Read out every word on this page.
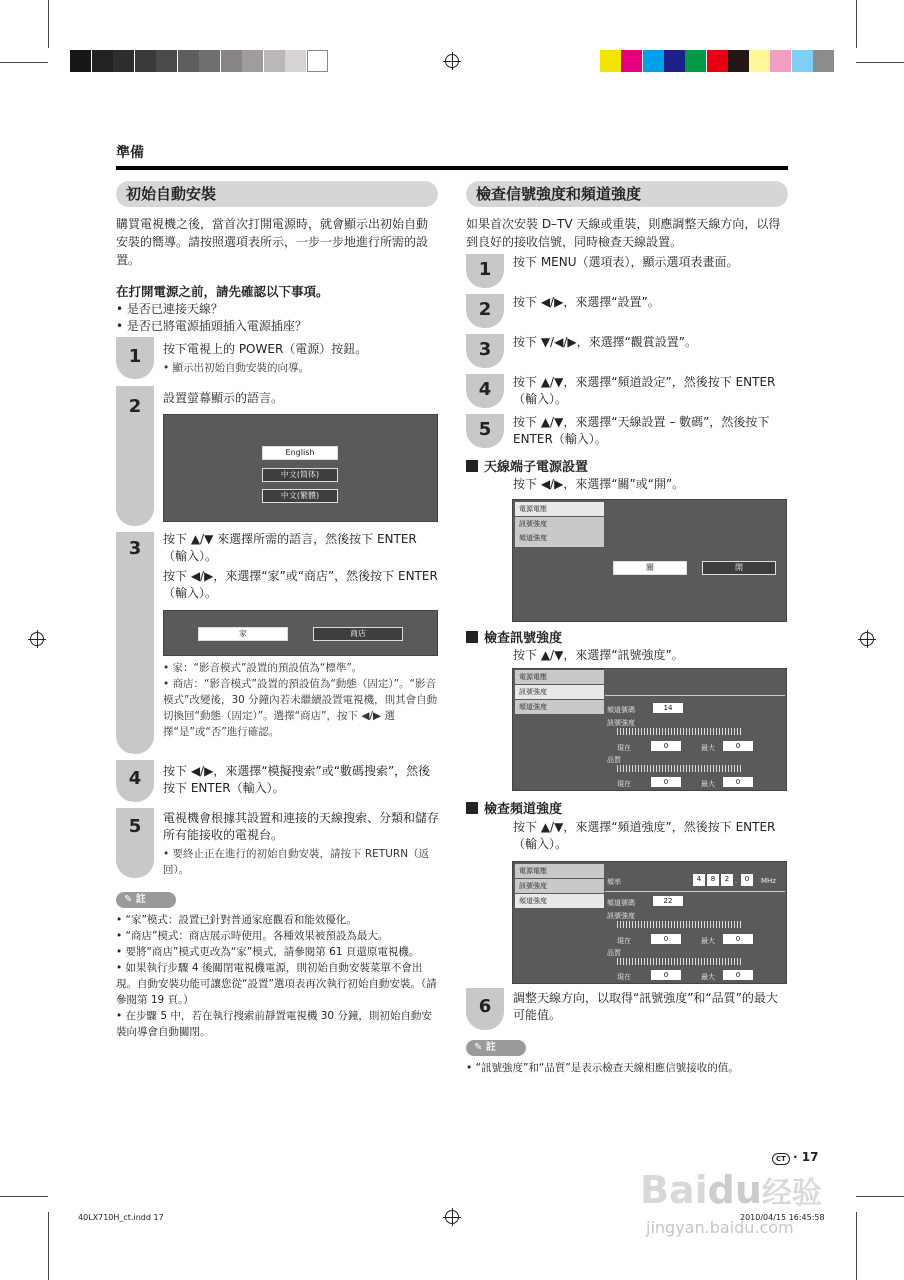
準備
初始自動安裝
購買電視機之後，當首次打開電源時，就會顯示出初始自動安裝的嚮導。請按照選項表所示，一步一步地進行所需的設置。
在打開電源之前，請先確認以下事項。
• 是否已連接天線？
• 是否已將電源插頭插入電源插座？
1	按下電視上的 POWER（電源）按鈕。
• 顯示出初始自動安裝的向導。
2	設置螢幕顯示的語言。
English
中文(简体)
中文(繁體)
3	按下 ▲/▼ 來選擇所需的語言，然後按下 ENTER（輸入）。
按下 ◀/▶，來選擇“家”或“商店”，然後按下 ENTER（輸入）。
家	商店
• 家：“影音模式”設置的預設值為“標準”。
• 商店：“影音模式”設置的預設值為“動態（固定）”。“影音模式”改變後，30 分鐘內若未繼續設置電視機，則其會自動切換回“動態（固定）”。選擇“商店”，按下 ◀/▶ 選擇“是”或“否”進行確認。
4	按下 ◀/▶，來選擇“模擬搜索”或“數碼搜索”，然後按下 ENTER（輸入）。
5	電視機會根據其設置和連接的天線搜索、分類和儲存所有能接收的電視台。
• 要終止正在進行的初始自動安裝，請按下 RETURN（返回）。
✎ 註
• “家”模式：設置已針對普通家庭觀看和能效優化。
• “商店”模式：商店展示時使用。各種效果被預設為最大。
• 要將“商店”模式更改為“家”模式，請參閱第 61 頁還原電視機。
• 如果執行步驟 4 後關閉電視機電源，則初始自動安裝菜單不會出現。自動安裝功能可讓您從“設置”選項表再次執行初始自動安裝。（請參閱第 19 頁。）
• 在步驟 5 中，若在執行搜索前靜置電視機 30 分鐘，則初始自動安裝向導會自動關閉。
檢查信號強度和頻道強度
如果首次安裝 D–TV 天線或重裝，則應調整天線方向，以得到良好的接收信號，同時檢查天線設置。
1	按下 MENU（選項表），顯示選項表畫面。
2	按下 ◀/▶，來選擇“設置”。
3	按下 ▼/◀/▶，來選擇“觀賞設置”。
4	按下 ▲/▼，來選擇“頻道設定”，然後按下 ENTER（輸入）。
5	按下 ▲/▼，來選擇“天線設置 – 數碼”，然後按下 ENTER（輸入）。
天線端子電源設置
按下 ◀/▶，來選擇“關”或“開”。
電源電壓
訊號強度
頻道強度
關	開
檢查訊號強度
按下 ▲/▼，來選擇“訊號強度”。
電源電壓
訊號強度
頻道強度	頻道號碼	14
訊號強度
現在	0	最大	0
品質
現在	0	最大	0
檢查頻道強度
按下 ▲/▼，來選擇“頻道強度”，然後按下 ENTER（輸入）。
電源電壓
訊號強度
頻道強度
頻率	4	8	2 .	0	MHz
頻道號碼	22
訊號強度
現在	0	最大	0
品質
現在	0	最大	0
6	調整天線方向，以取得“訊號強度”和“品質”的最大可能值。
✎ 註
• “訊號強度”和“品質”是表示檢查天線相應信號接收的值。
CT · 17
40LX710H_ct.indd 17	2010/04/15 16:45:58
Baidu经验
jingyan.baidu.com
